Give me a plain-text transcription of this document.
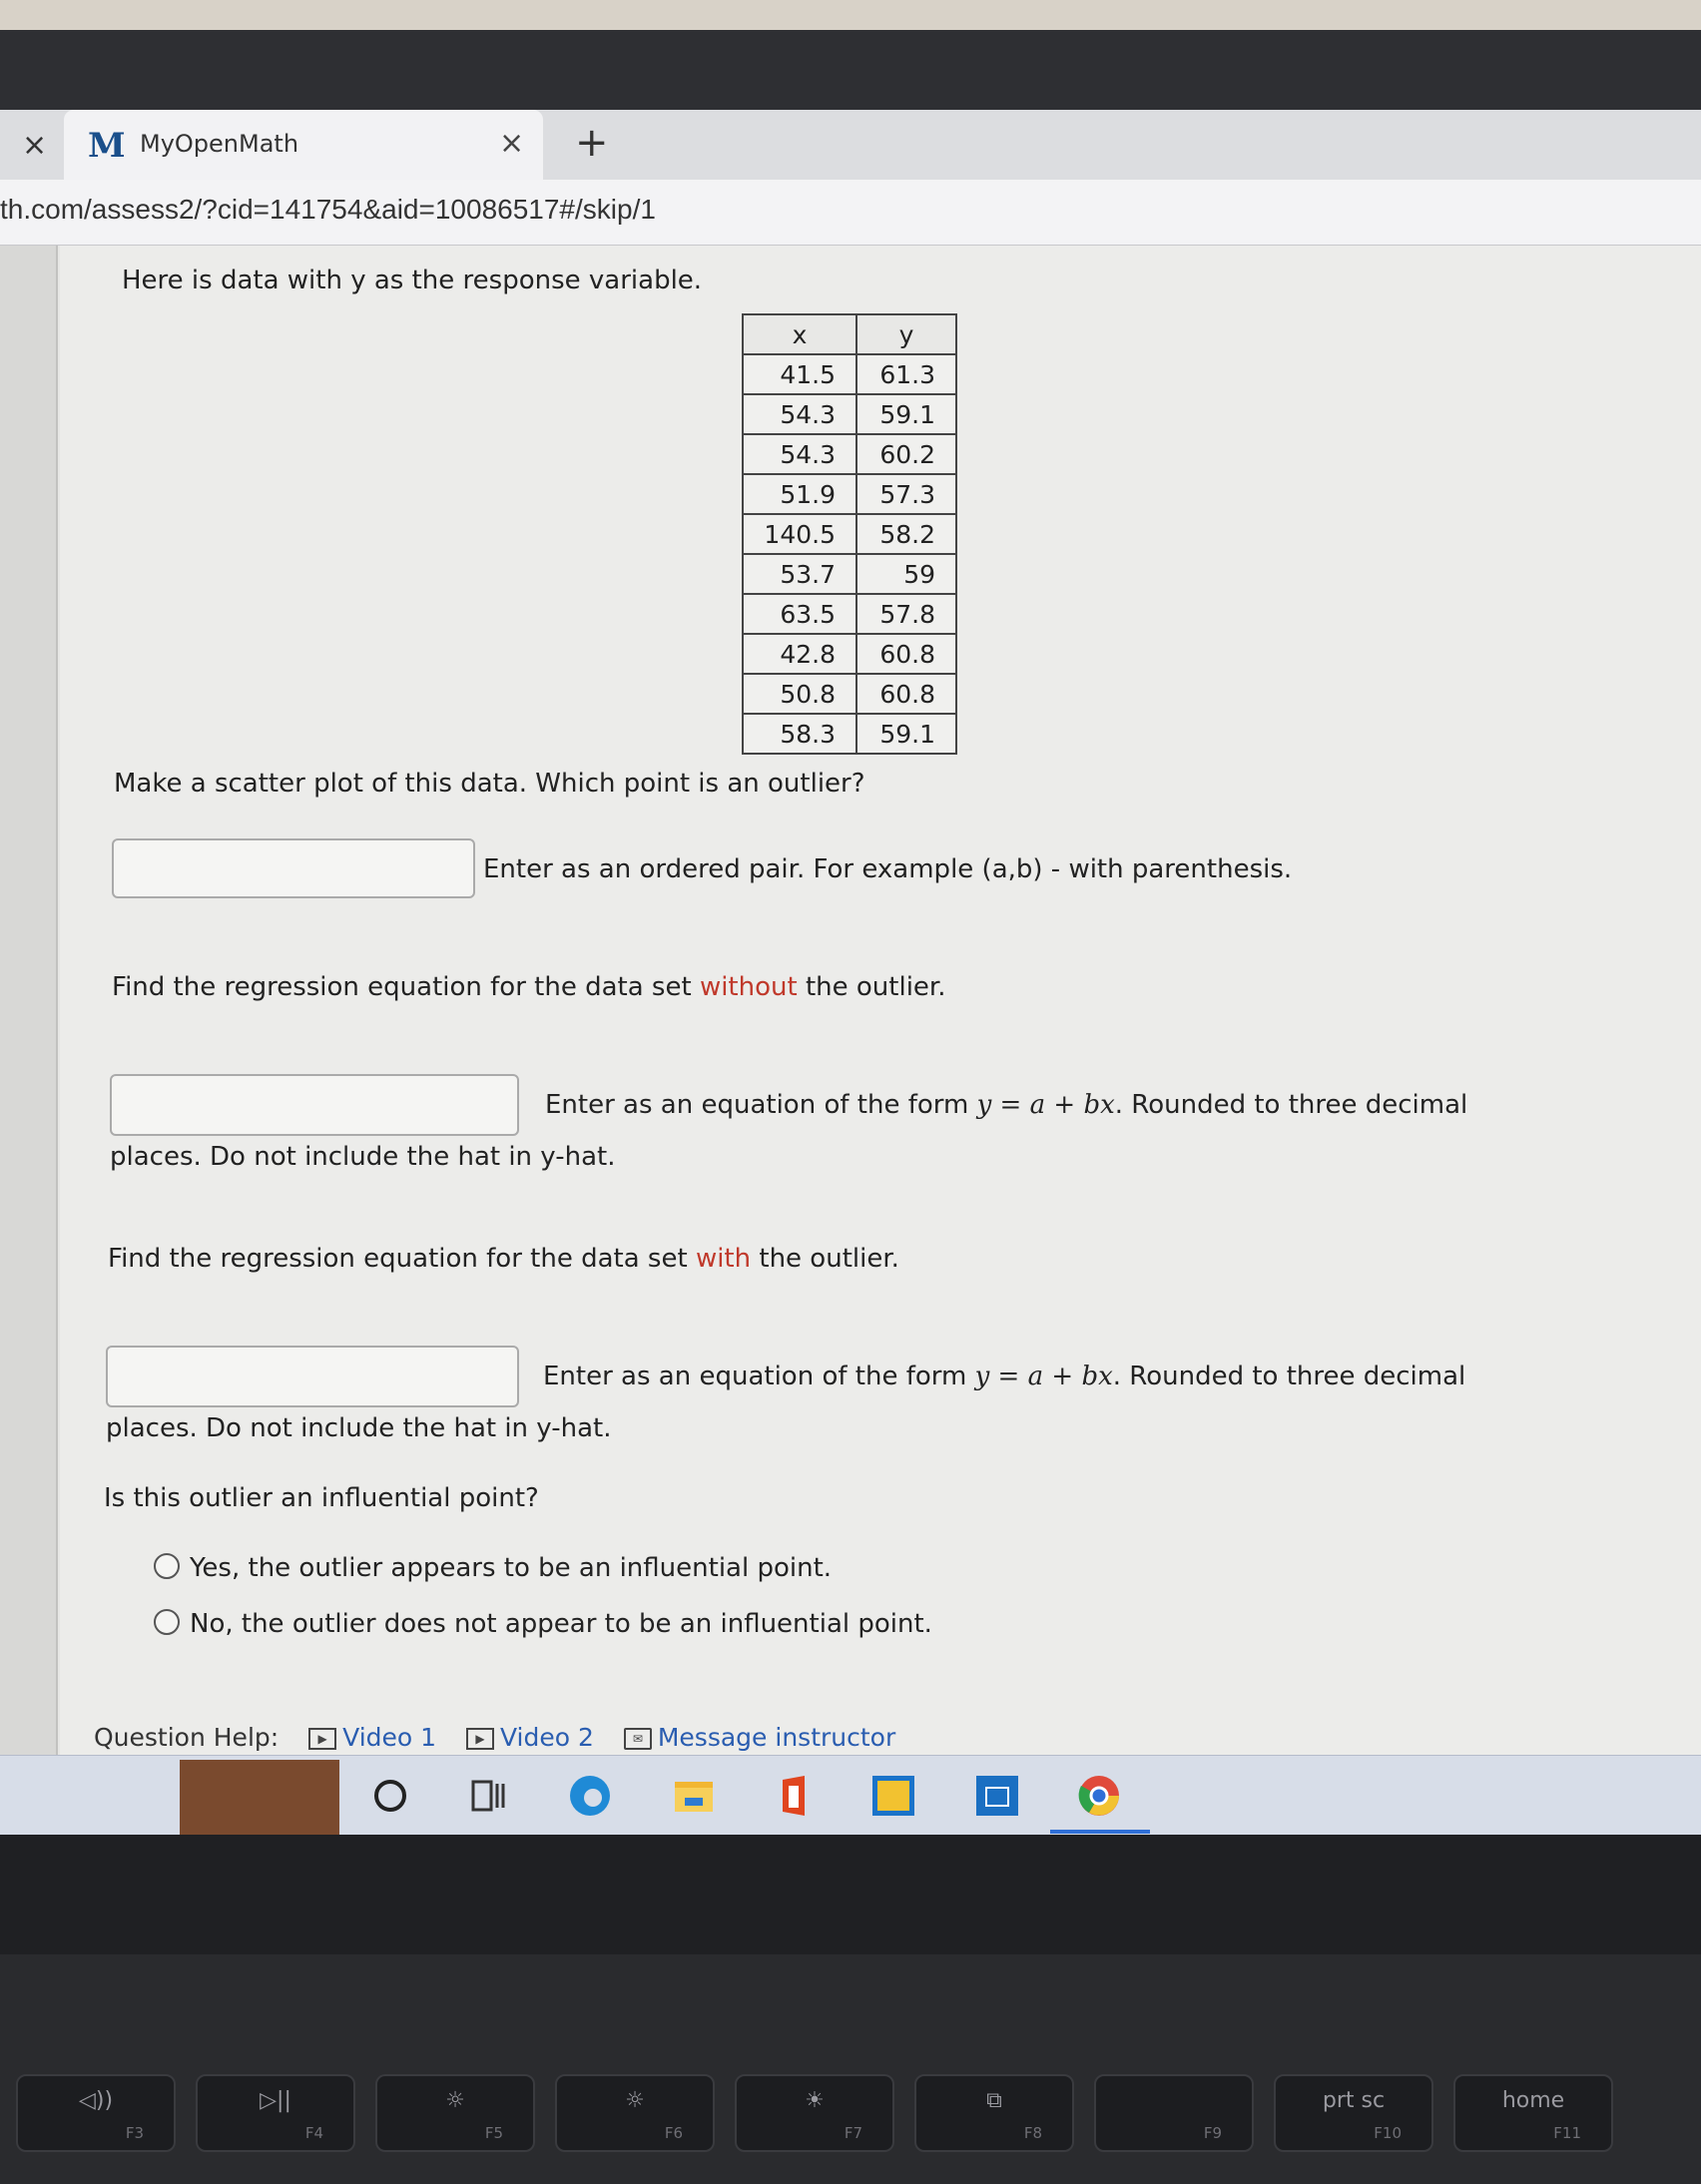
× M MyOpenMath	× +
th.com/assess2/?cid=141754&aid=10086517#/skip/1
Here is data with y as the response variable.
x	y
41.5	61.3
54.3	59.1
54.3	60.2
51.9	57.3
140.5	58.2
53.7	59
63.5	57.8
42.8	60.8
50.8	60.8
58.3	59.1
Make a scatter plot of this data. Which point is an outlier?
Enter as an ordered pair. For example (a,b) - with parenthesis.
Find the regression equation for the data set without the outlier.
Enter as an equation of the form y = a + bx. Rounded to three decimal
places. Do not include the hat in y-hat.
Find the regression equation for the data set with the outlier.
Enter as an equation of the form y = a + bx. Rounded to three decimal
places. Do not include the hat in y-hat.
Is this outlier an influential point?
Yes, the outlier appears to be an influential point.
No, the outlier does not appear to be an influential point.
Question Help:	▶ Video 1	▶ Video 2	✉ Message instructor
◁))
F3
▷||
F4
☼
F5
☼
F6
☀
F7
⧉
F8	F9
prt sc
F10
home
F11
